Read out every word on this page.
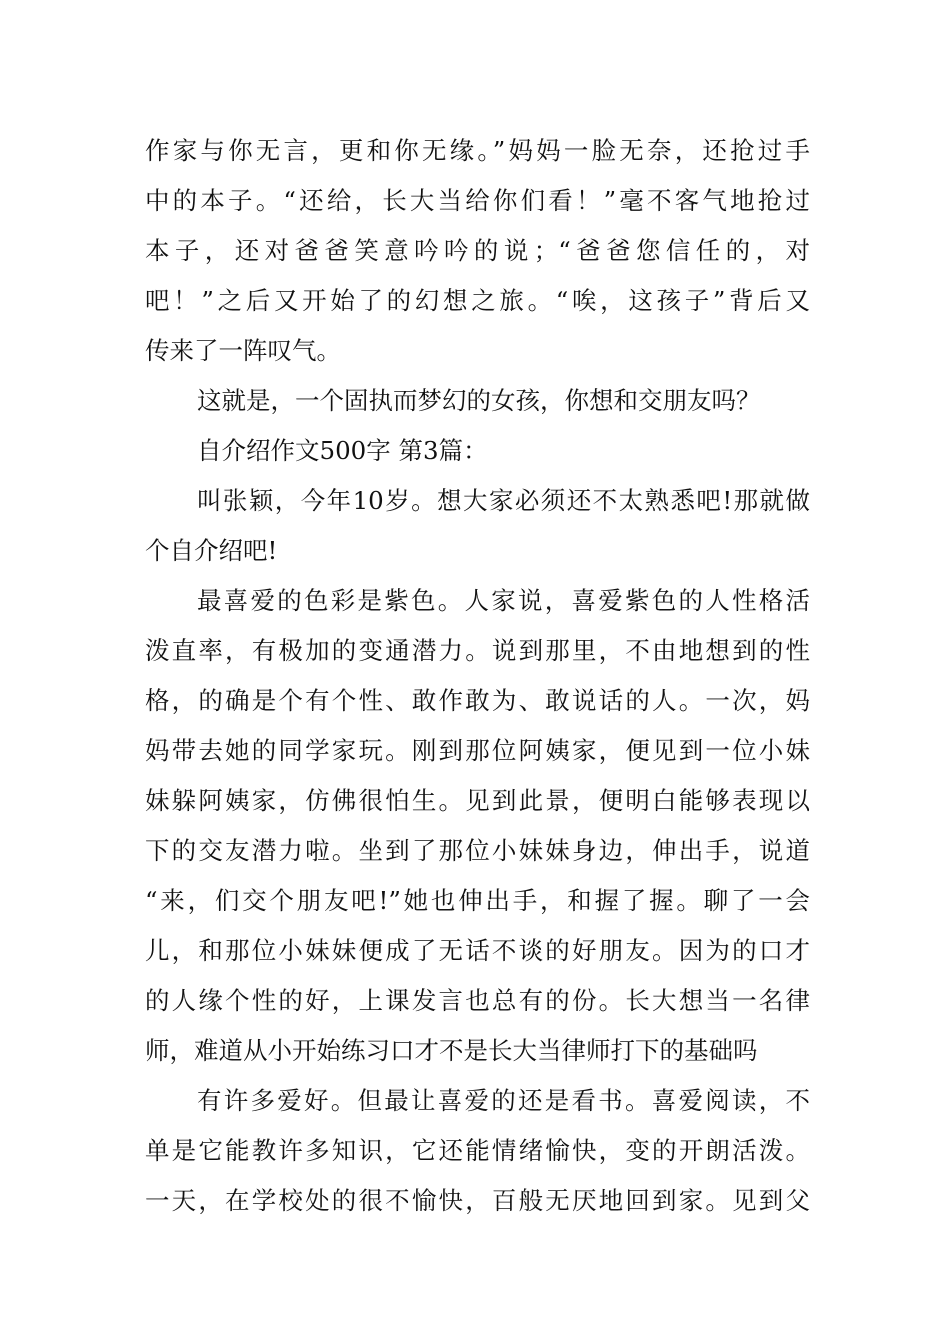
作家与你无言，更和你无缘。”妈妈一脸无奈，还抢过手
中的本子。“还给，长大当给你们看！”毫不客气地抢过
本子，还对爸爸笑意吟吟的说；“爸爸您信任的，对
吧！”之后又开始了的幻想之旅。“唉，这孩子”背后又
传来了一阵叹气。
这就是，一个固执而梦幻的女孩，你想和交朋友吗？
自介绍作文500字 第3篇：
叫张颖，今年10岁。想大家必须还不太熟悉吧!那就做
个自介绍吧!
最喜爱的色彩是紫色。人家说，喜爱紫色的人性格活
泼直率，有极加的变通潜力。说到那里，不由地想到的性
格，的确是个有个性、敢作敢为、敢说话的人。一次，妈
妈带去她的同学家玩。刚到那位阿姨家，便见到一位小妹
妹躲阿姨家，仿佛很怕生。见到此景，便明白能够表现以
下的交友潜力啦。坐到了那位小妹妹身边，伸出手，说道
“来，们交个朋友吧!”她也伸出手，和握了握。聊了一会
儿，和那位小妹妹便成了无话不谈的好朋友。因为的口才
的人缘个性的好，上课发言也总有的份。长大想当一名律
师，难道从小开始练习口才不是长大当律师打下的基础吗
有许多爱好。但最让喜爱的还是看书。喜爱阅读，不
单是它能教许多知识，它还能情绪愉快，变的开朗活泼。
一天，在学校处的很不愉快，百般无厌地回到家。见到父
